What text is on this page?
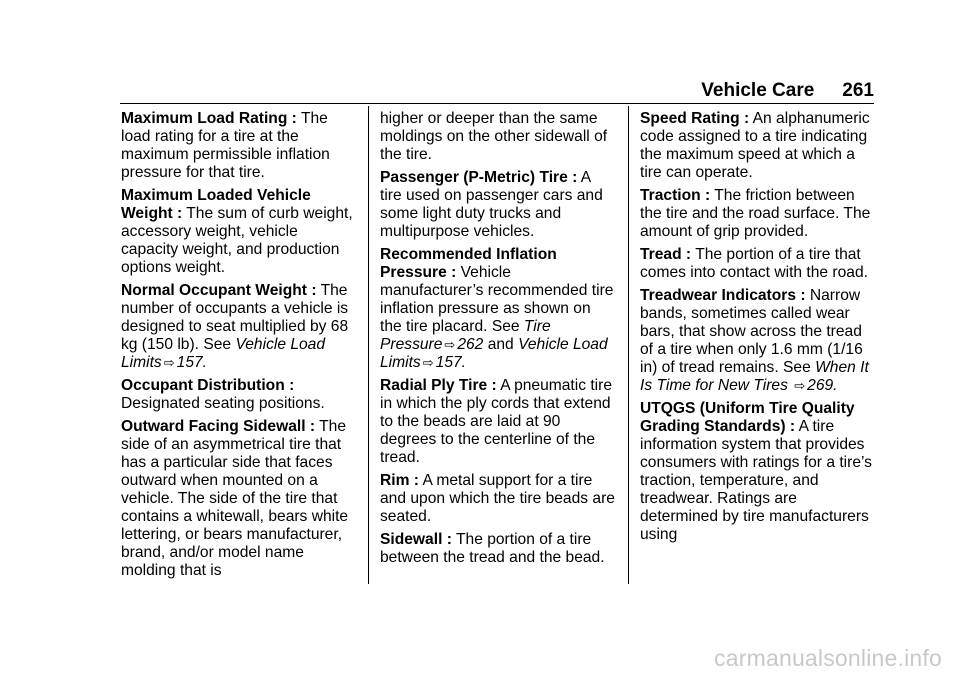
Vehicle Care 261

Maximum Load Rating : The load rating for a tire at the maximum permissible inflation pressure for that tire.

Maximum Loaded Vehicle Weight : The sum of curb weight, accessory weight, vehicle capacity weight, and production options weight.

Normal Occupant Weight : The number of occupants a vehicle is designed to seat multiplied by 68 kg (150 lb). See Vehicle Load Limits ⇨ 157.

Occupant Distribution : Designated seating positions.

Outward Facing Sidewall : The side of an asymmetrical tire that has a particular side that faces outward when mounted on a vehicle. The side of the tire that contains a whitewall, bears white lettering, or bears manufacturer, brand, and/or model name molding that is

higher or deeper than the same moldings on the other sidewall of the tire.

Passenger (P-Metric) Tire : A tire used on passenger cars and some light duty trucks and multipurpose vehicles.

Recommended Inflation Pressure : Vehicle manufacturer’s recommended tire inflation pressure as shown on the tire placard. See Tire Pressure ⇨ 262 and Vehicle Load Limits ⇨ 157.

Radial Ply Tire : A pneumatic tire in which the ply cords that extend to the beads are laid at 90 degrees to the centerline of the tread.

Rim : A metal support for a tire and upon which the tire beads are seated.

Sidewall : The portion of a tire between the tread and the bead.

Speed Rating : An alphanumeric code assigned to a tire indicating the maximum speed at which a tire can operate.

Traction : The friction between the tire and the road surface. The amount of grip provided.

Tread : The portion of a tire that comes into contact with the road.

Treadwear Indicators : Narrow bands, sometimes called wear bars, that show across the tread of a tire when only 1.6 mm (1/16 in) of tread remains. See When It Is Time for New Tires ⇨ 269.

UTQGS (Uniform Tire Quality Grading Standards) : A tire information system that provides consumers with ratings for a tire’s traction, temperature, and treadwear. Ratings are determined by tire manufacturers using

carmanualsonline.info
